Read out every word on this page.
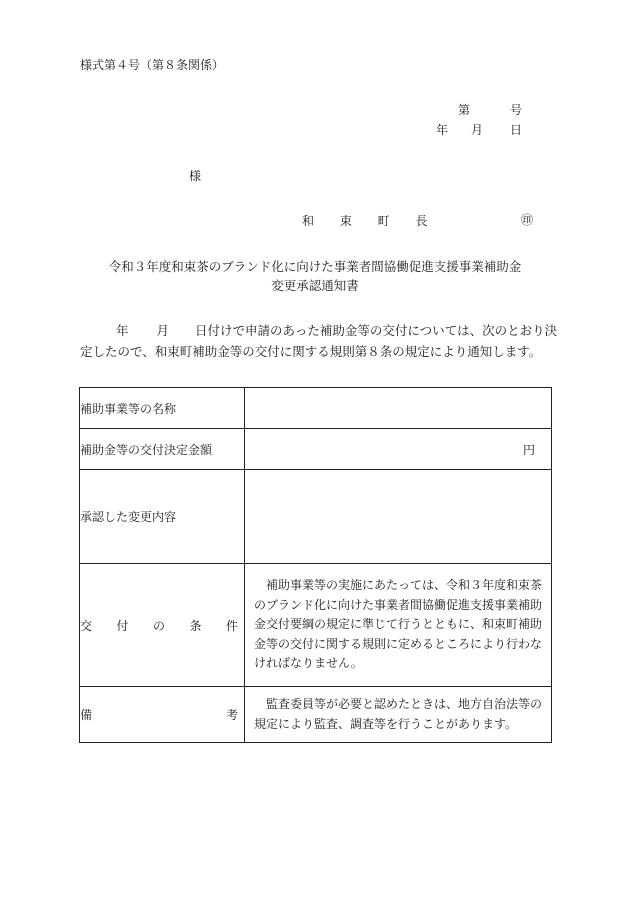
様式第４号（第８条関係）
第	号
年 月 日
様
和 束 町 長	㊞
令和３年度和束茶のブランド化に向けた事業者間協働促進支援事業補助金
変更承認通知書
年 月 日付けで申請のあった補助金等の交付については、次のとおり決
定したので、和束町補助金等の交付に関する規則第８条の規定により通知します。
補助事業等の名称	
補助金等の交付決定金額	円
承認した変更内容	

交 付 の 条 件	補助事業等の実施にあたっては、令和３年度和束茶のブランド化に向けた事業者間協働促進支援事業補助金交付要綱の規定に準じて行うとともに、和束町補助金等の交付に関する規則に定めるところにより行わなければなりません。

備 考	監査委員等が必要と認めたときは、地方自治法等の規定により監査、調査等を行うことがあります。
